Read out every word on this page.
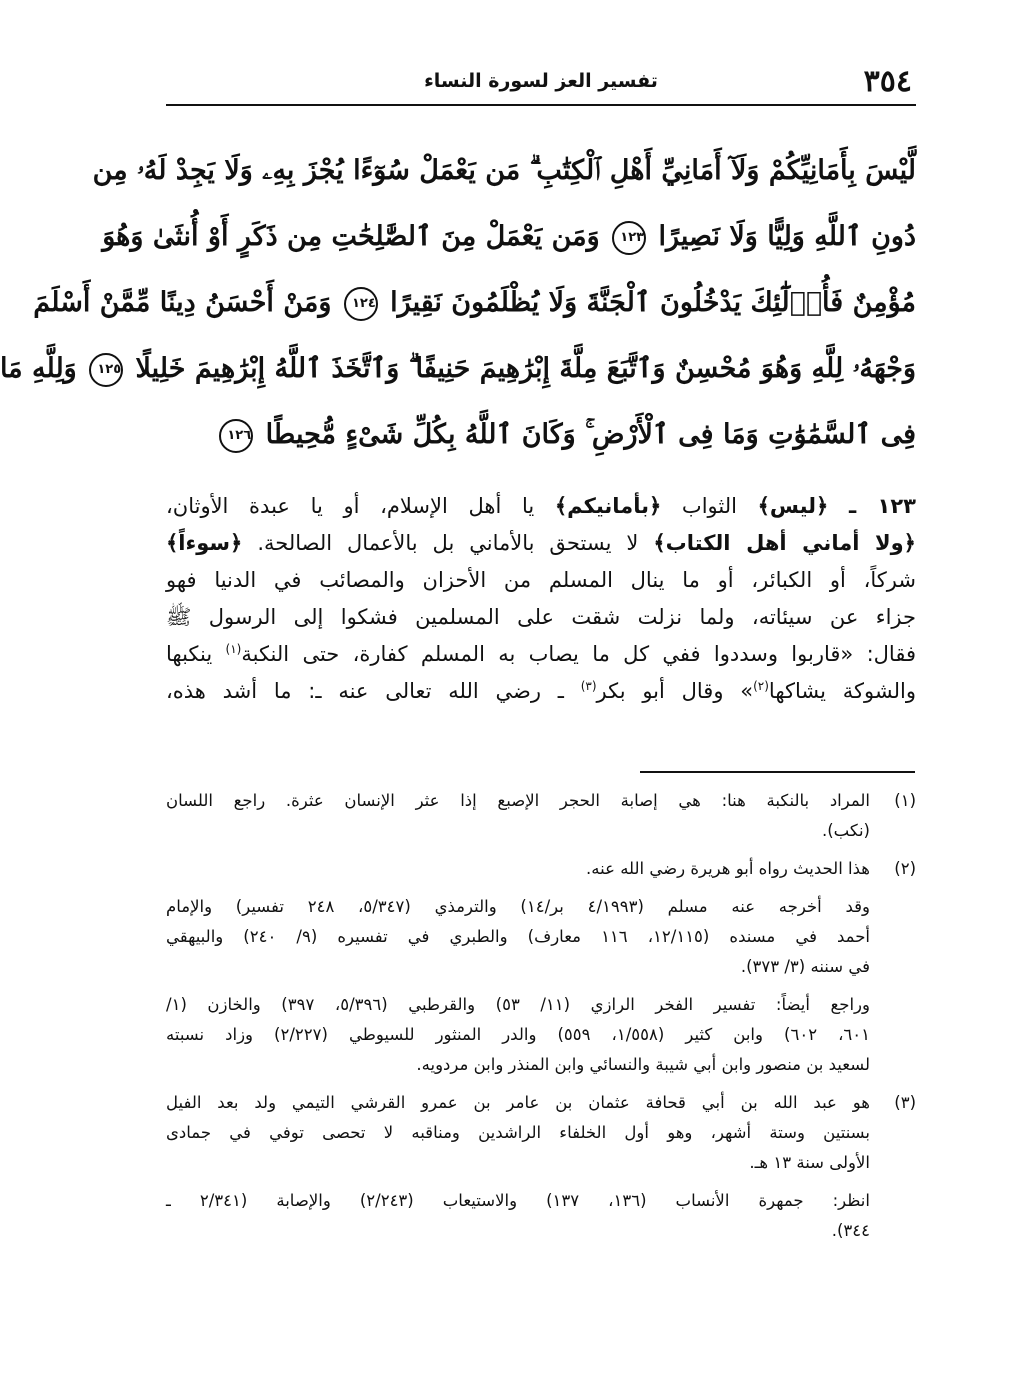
٣٥٤
تفسير العز لسورة النساء
لَّيْسَ بِأَمَانِيِّكُمْ وَلَآ أَمَانِيِّ أَهْلِ ٱلْكِتَٰبِ ۗ مَن يَعْمَلْ سُوٓءًا يُجْزَ بِهِۦ وَلَا يَجِدْ لَهُۥ مِن
دُونِ ٱللَّهِ وَلِيًّا وَلَا نَصِيرًا ١٢٣ وَمَن يَعْمَلْ مِنَ ٱلصَّٰلِحَٰتِ مِن ذَكَرٍ أَوْ أُنثَىٰ وَهُوَ
مُؤْمِنٌ فَأُو۟لَٰٓئِكَ يَدْخُلُونَ ٱلْجَنَّةَ وَلَا يُظْلَمُونَ نَقِيرًا ١٢٤ وَمَنْ أَحْسَنُ دِينًا مِّمَّنْ أَسْلَمَ
وَجْهَهُۥ لِلَّهِ وَهُوَ مُحْسِنٌ وَٱتَّبَعَ مِلَّةَ إِبْرَٰهِيمَ حَنِيفًا ۗ وَٱتَّخَذَ ٱللَّهُ إِبْرَٰهِيمَ خَلِيلًا ١٢٥ وَلِلَّهِ مَا
فِى ٱلسَّمَٰوَٰتِ وَمَا فِى ٱلْأَرْضِ ۚ وَكَانَ ٱللَّهُ بِكُلِّ شَىْءٍ مُّحِيطًا ١٢٦
١٢٣ ـ ﴿ليس﴾ الثواب ﴿بأمانيكم﴾ يا أهل الإسلام، أو يا عبدة الأوثان،
﴿ولا أماني أهل الكتاب﴾ لا يستحق بالأماني بل بالأعمال الصالحة. ﴿سوءاً﴾
شركاً، أو الكبائر، أو ما ينال المسلم من الأحزان والمصائب في الدنيا فهو
جزاء عن سيئاته، ولما نزلت شقت على المسلمين فشكوا إلى الرسول ﷺ
فقال: «قاربوا وسددوا ففي كل ما يصاب به المسلم كفارة، حتى النكبة$^{(١)}$ ينكبها
والشوكة يشاكها$^{(٢)}$» وقال أبو بكر$^{(٣)}$ ـ رضي الله تعالى عنه ـ: ما أشد هذه،
(١)
المراد بالنكبة هنا: هي إصابة الحجر الإصبع إذا عثر الإنسان عثرة. راجع اللسان
(نكب).
(٢)
هذا الحديث رواه أبو هريرة رضي الله عنه.
وقد أخرجه عنه مسلم (٤/١٩٩٣ بر/١٤) والترمذي (٥/٣٤٧، ٢٤٨ تفسير) والإمام
أحمد في مسنده (١٢/١١٥، ١١٦ معارف) والطبري في تفسيره (٩/ ٢٤٠) والبيهقي
في سننه (٣/ ٣٧٣).
وراجع أيضاً: تفسير الفخر الرازي (١١/ ٥٣) والقرطبي (٥/٣٩٦، ٣٩٧) والخازن (١/
٦٠١، ٦٠٢) وابن كثير (١/٥٥٨، ٥٥٩) والدر المنثور للسيوطي (٢/٢٢٧) وزاد نسبته
لسعيد بن منصور وابن أبي شيبة والنسائي وابن المنذر وابن مردويه.
(٣)
هو عبد الله بن أبي قحافة عثمان بن عامر بن عمرو القرشي التيمي ولد بعد الفيل
بسنتين وستة أشهر، وهو أول الخلفاء الراشدين ومناقبه لا تحصى توفي في جمادى
الأولى سنة ١٣ هـ.
انظر: جمهرة الأنساب (١٣٦، ١٣٧) والاستيعاب (٢/٢٤٣) والإصابة (٢/٣٤١ ـ
٣٤٤).
